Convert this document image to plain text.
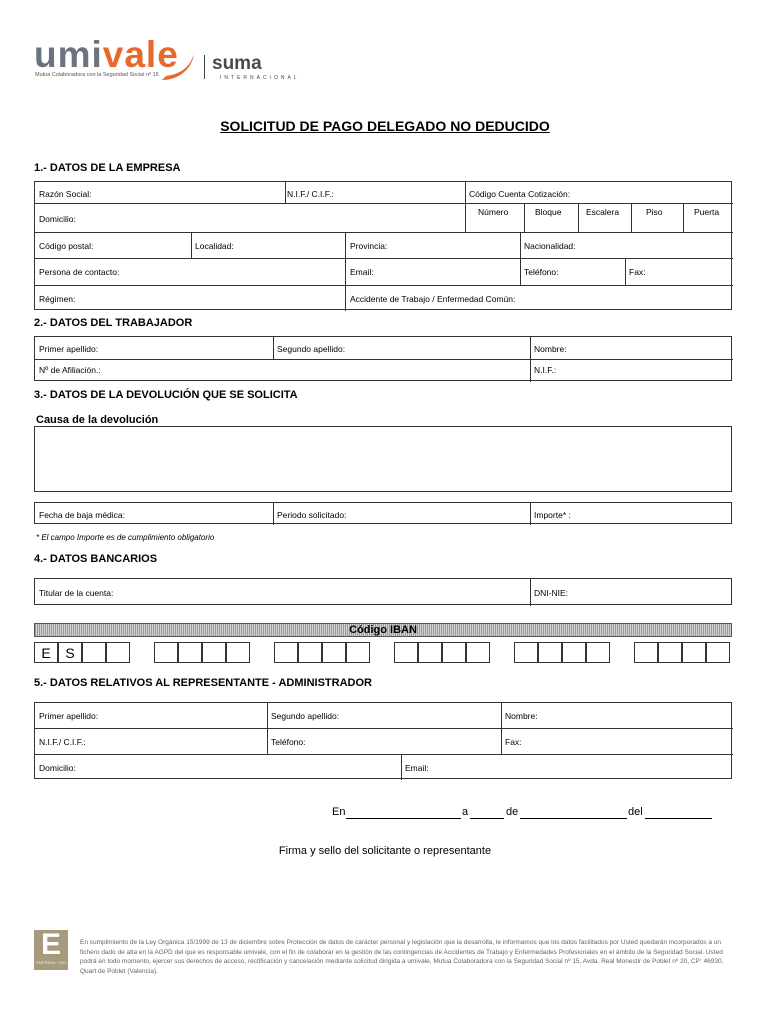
umivale
Mutua Colaboradora con la Seguridad Social nº 15
suma
INTERNACIONAL
SOLICITUD DE PAGO DELEGADO NO DEDUCIDO
1.- DATOS DE LA EMPRESA
Razón Social:	N.I.F./ C.I.F.:	Código Cuenta Cotización:
Número	Bloque	Escalera	Piso	Puerta
Domicilio:
Código postal:	Localidad:	Provincia:	Nacionalidad:
Persona de contacto:	Email:	Teléfono:	Fax:
Régimen:	Accidente de Trabajo / Enfermedad Común:
2.- DATOS DEL TRABAJADOR
Primer apellido:	Segundo apellido:	Nombre:
Nº de Afiliación.:	N.I.F.:
3.- DATOS DE LA DEVOLUCIÓN QUE SE SOLICITA
Causa de la devolución
Fecha de baja médica:	Periodo solicitado:	Importe* :
* El campo Importe es de cumplimiento obligatorio
4.- DATOS BANCARIOS
Titular de la cuenta:	DNI-NIE:
Código IBAN
E	S
5.- DATOS RELATIVOS AL REPRESENTANTE - ADMINISTRADOR
Primer apellido:	Segundo apellido:	Nombre:
N.I.F./ C.I.F.:	Teléfono:	Fax:
Domicilio:	Email:
En	a	de	del
Firma y sello del solicitante o representante
E
EMPRESA · ISO
En cumplimiento de la Ley Orgánica 15/1999 de 13 de diciembre sobre Protección de datos de carácter personal y legislación que la desarrolla, le informamos que los datos facilitados por Usted quedarán incorporados a un fichero dado de alta en la AGPD del que es responsable umivale, con el fin de colaborar en la gestión de las contingencias de Accidentes de Trabajo y Enfermedades Profesionales en el ámbito de la Seguridad Social. Usted podrá en todo momento, ejercer sus derechos de acceso, rectificación y cancelación mediante solicitud dirigida a umivale, Mutua Colaboradora con la Seguridad Social nº 15, Avda. Real Monestir de Poblet nº 20, CP: 46930, Quart de Poblet (Valencia).
